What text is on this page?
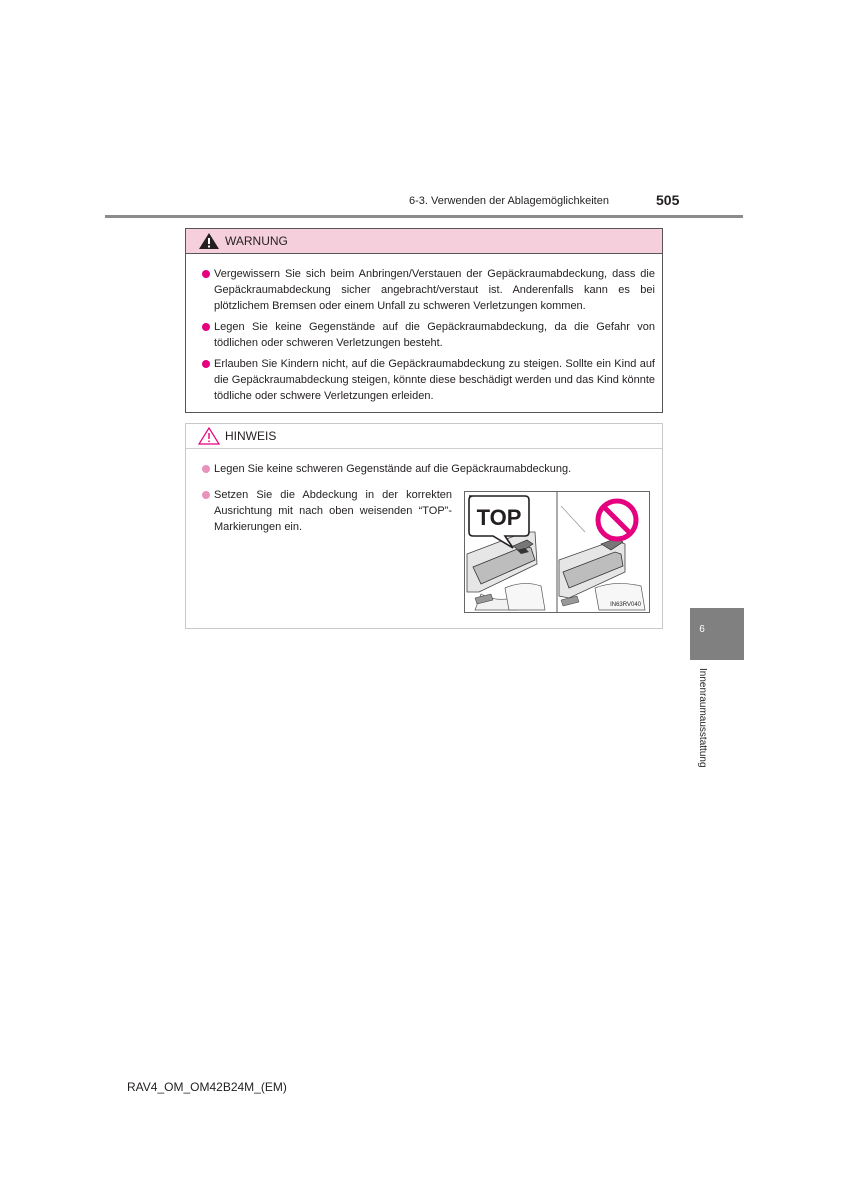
6-3. Verwenden der Ablagemöglichkeiten	505
WARNUNG
Vergewissern Sie sich beim Anbringen/Verstauen der Gepäckraumabdeckung, dass die Gepäckraumabdeckung sicher angebracht/verstaut ist. Anderenfalls kann es bei plötzlichem Bremsen oder einem Unfall zu schweren Verletzungen kommen.
Legen Sie keine Gegenstände auf die Gepäckraumabdeckung, da die Gefahr von tödlichen oder schweren Verletzungen besteht.
Erlauben Sie Kindern nicht, auf die Gepäckraumabdeckung zu steigen. Sollte ein Kind auf die Gepäckraumabdeckung steigen, könnte diese beschädigt werden und das Kind könnte tödliche oder schwere Verletzungen erleiden.
HINWEIS
Legen Sie keine schweren Gegenstände auf die Gepäckraumabdeckung.
Setzen Sie die Abdeckung in der korrekten Ausrichtung mit nach oben weisenden “TOP”-Markierungen ein.	TOP
IN63RV040
6
Innenraumausstattung
RAV4_OM_OM42B24M_(EM)
